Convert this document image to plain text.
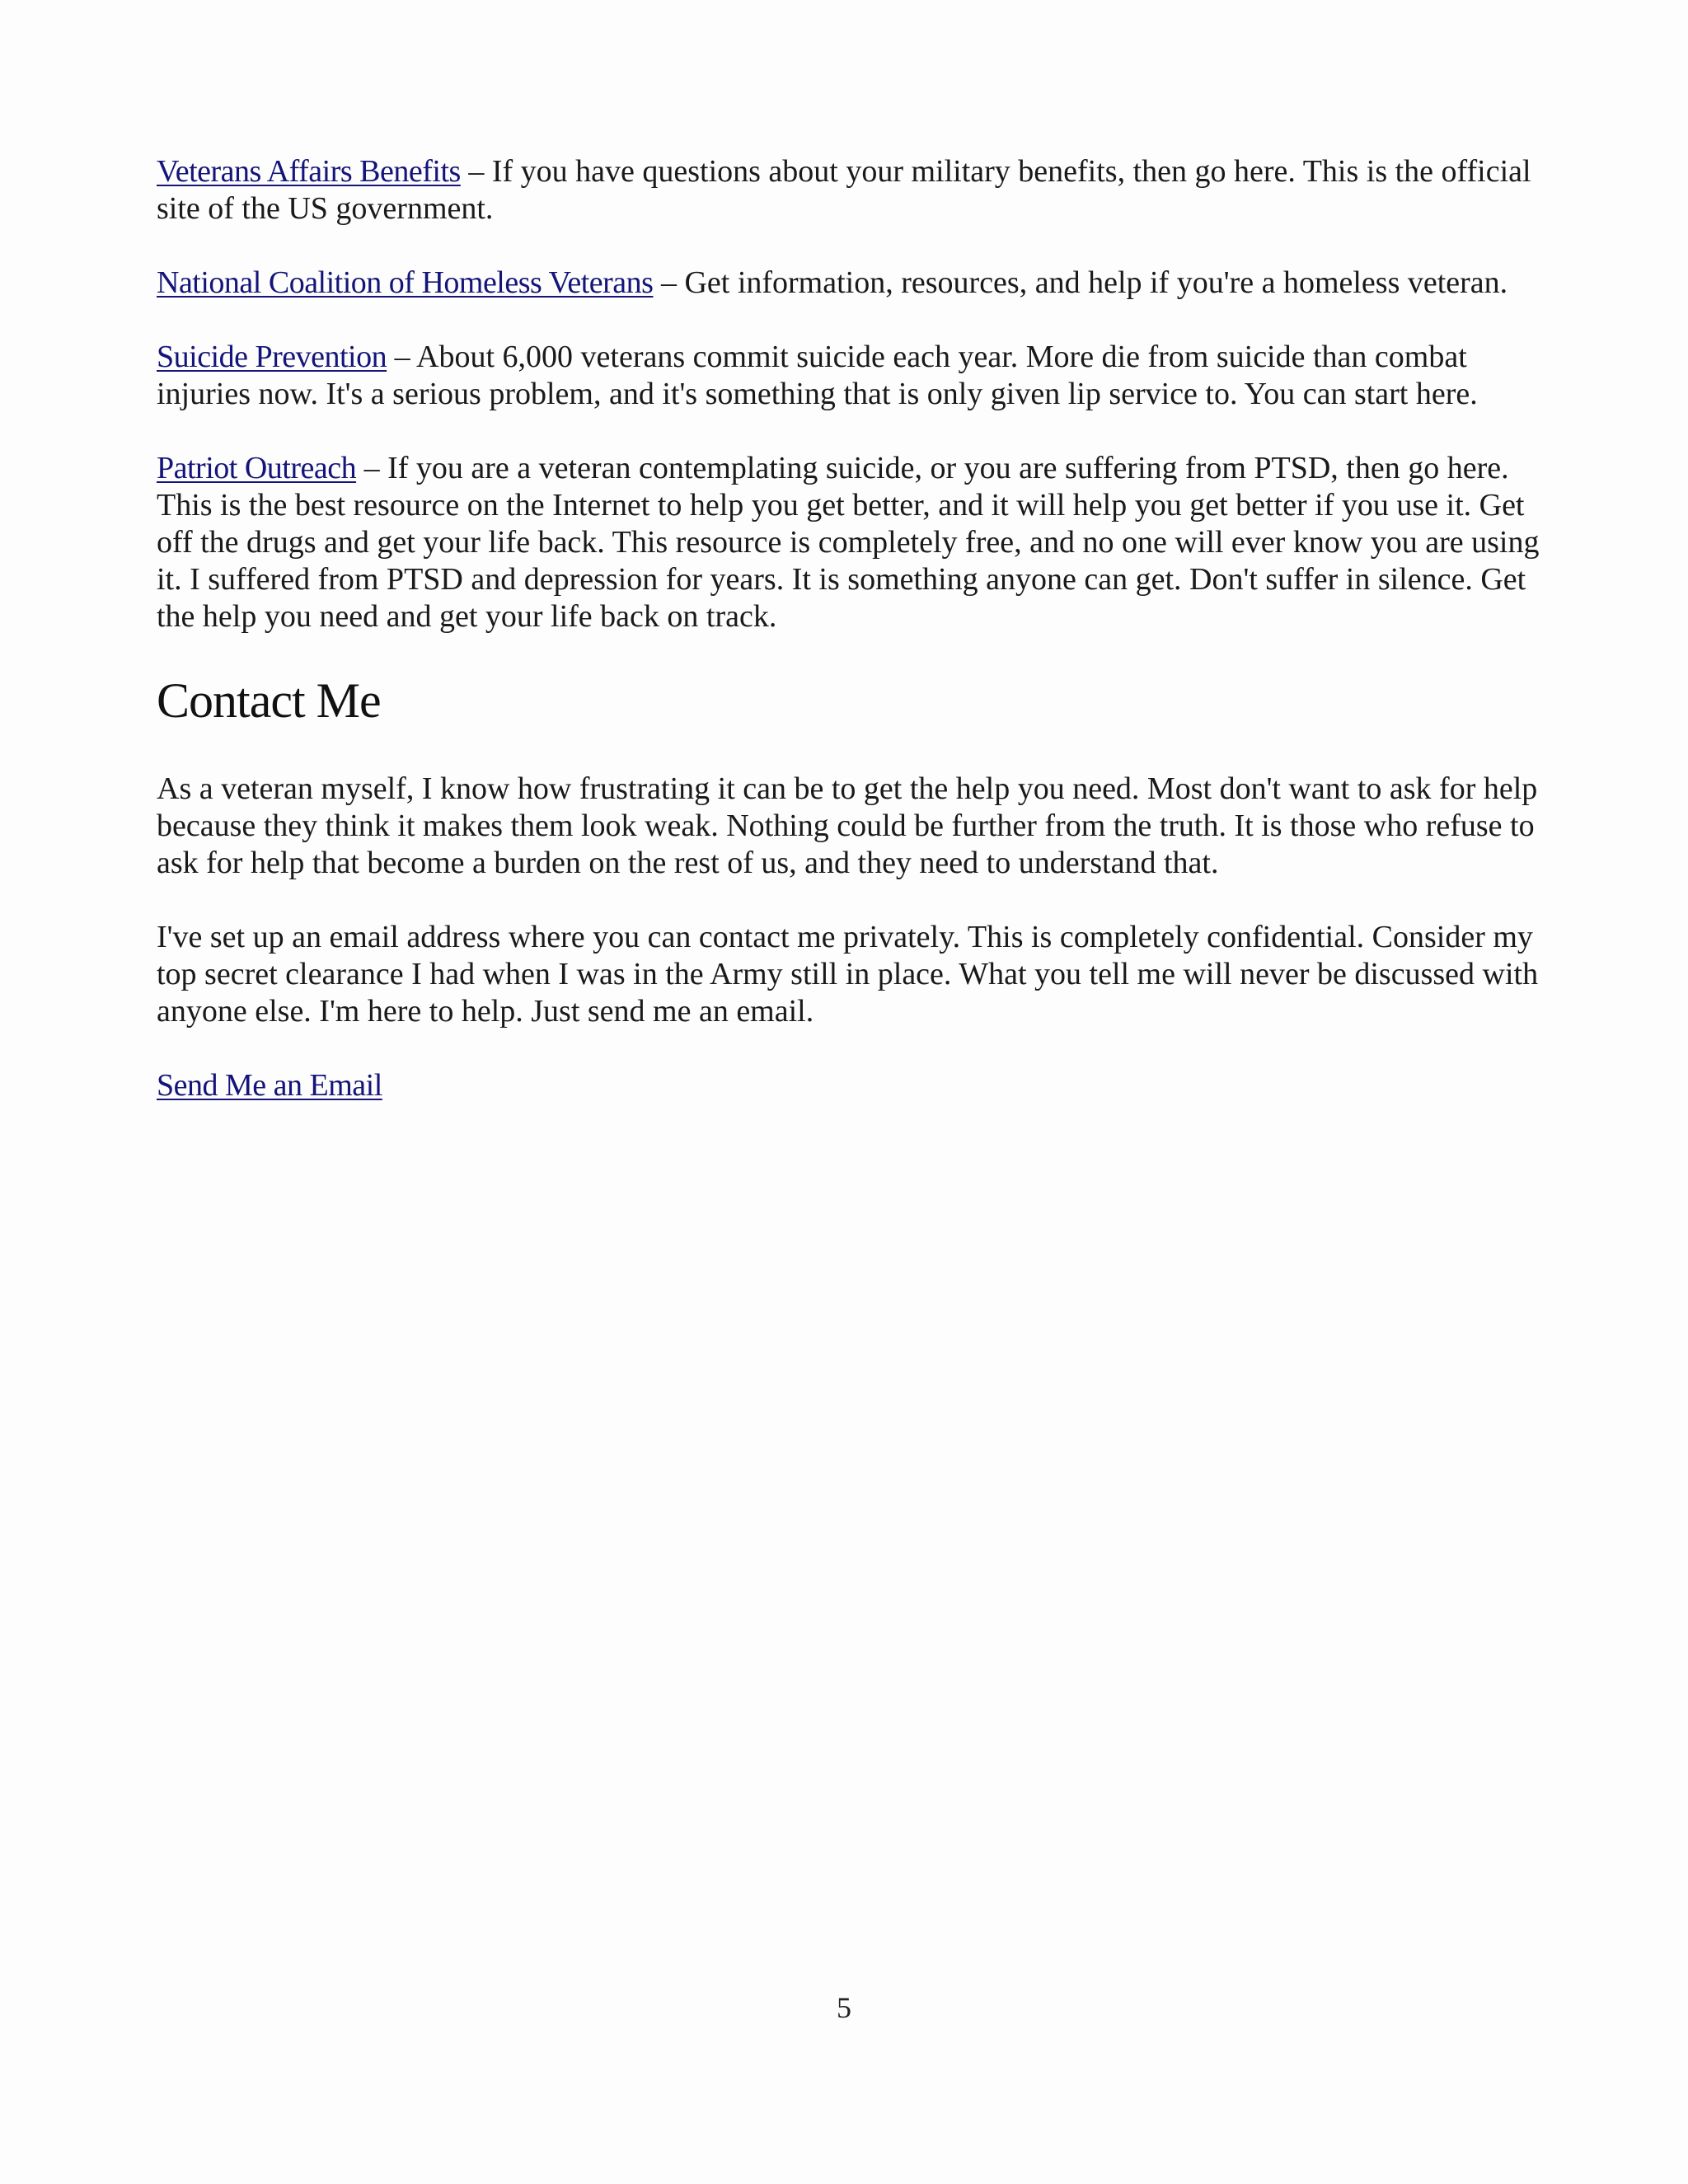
Veterans Affairs Benefits – If you have questions about your military benefits, then go here. This is the official site of the US government.

National Coalition of Homeless Veterans – Get information, resources, and help if you're a homeless veteran.

Suicide Prevention – About 6,000 veterans commit suicide each year. More die from suicide than combat injuries now. It's a serious problem, and it's something that is only given lip service to. You can start here.

Patriot Outreach – If you are a veteran contemplating suicide, or you are suffering from PTSD, then go here. This is the best resource on the Internet to help you get better, and it will help you get better if you use it. Get off the drugs and get your life back. This resource is completely free, and no one will ever know you are using it. I suffered from PTSD and depression for years. It is something anyone can get. Don't suffer in silence. Get the help you need and get your life back on track.

Contact Me

As a veteran myself, I know how frustrating it can be to get the help you need. Most don't want to ask for help because they think it makes them look weak. Nothing could be further from the truth. It is those who refuse to ask for help that become a burden on the rest of us, and they need to understand that.

I've set up an email address where you can contact me privately. This is completely confidential. Consider my top secret clearance I had when I was in the Army still in place. What you tell me will never be discussed with anyone else. I'm here to help. Just send me an email.

Send Me an Email

5
